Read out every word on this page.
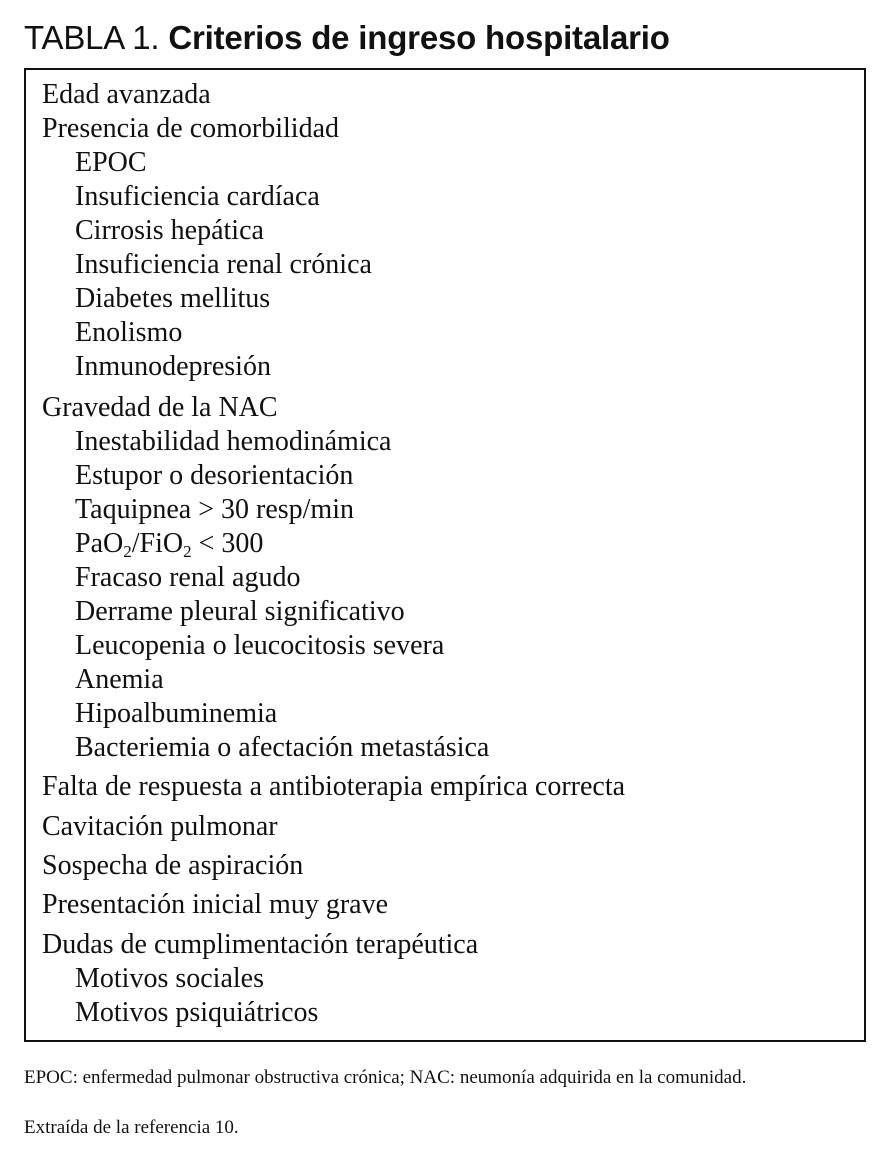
TABLA 1. Criterios de ingreso hospitalario
Edad avanzada
Presencia de comorbilidad
EPOC
Insuficiencia cardíaca
Cirrosis hepática
Insuficiencia renal crónica
Diabetes mellitus
Enolismo
Inmunodepresión
Gravedad de la NAC
Inestabilidad hemodinámica
Estupor o desorientación
Taquipnea > 30 resp/min
PaO$_2$/FiO$_2$ < 300
Fracaso renal agudo
Derrame pleural significativo
Leucopenia o leucocitosis severa
Anemia
Hipoalbuminemia
Bacteriemia o afectación metastásica
Falta de respuesta a antibioterapia empírica correcta
Cavitación pulmonar
Sospecha de aspiración
Presentación inicial muy grave
Dudas de cumplimentación terapéutica
Motivos sociales
Motivos psiquiátricos
EPOC: enfermedad pulmonar obstructiva crónica; NAC: neumonía adquirida en la comunidad.
Extraída de la referencia 10.
